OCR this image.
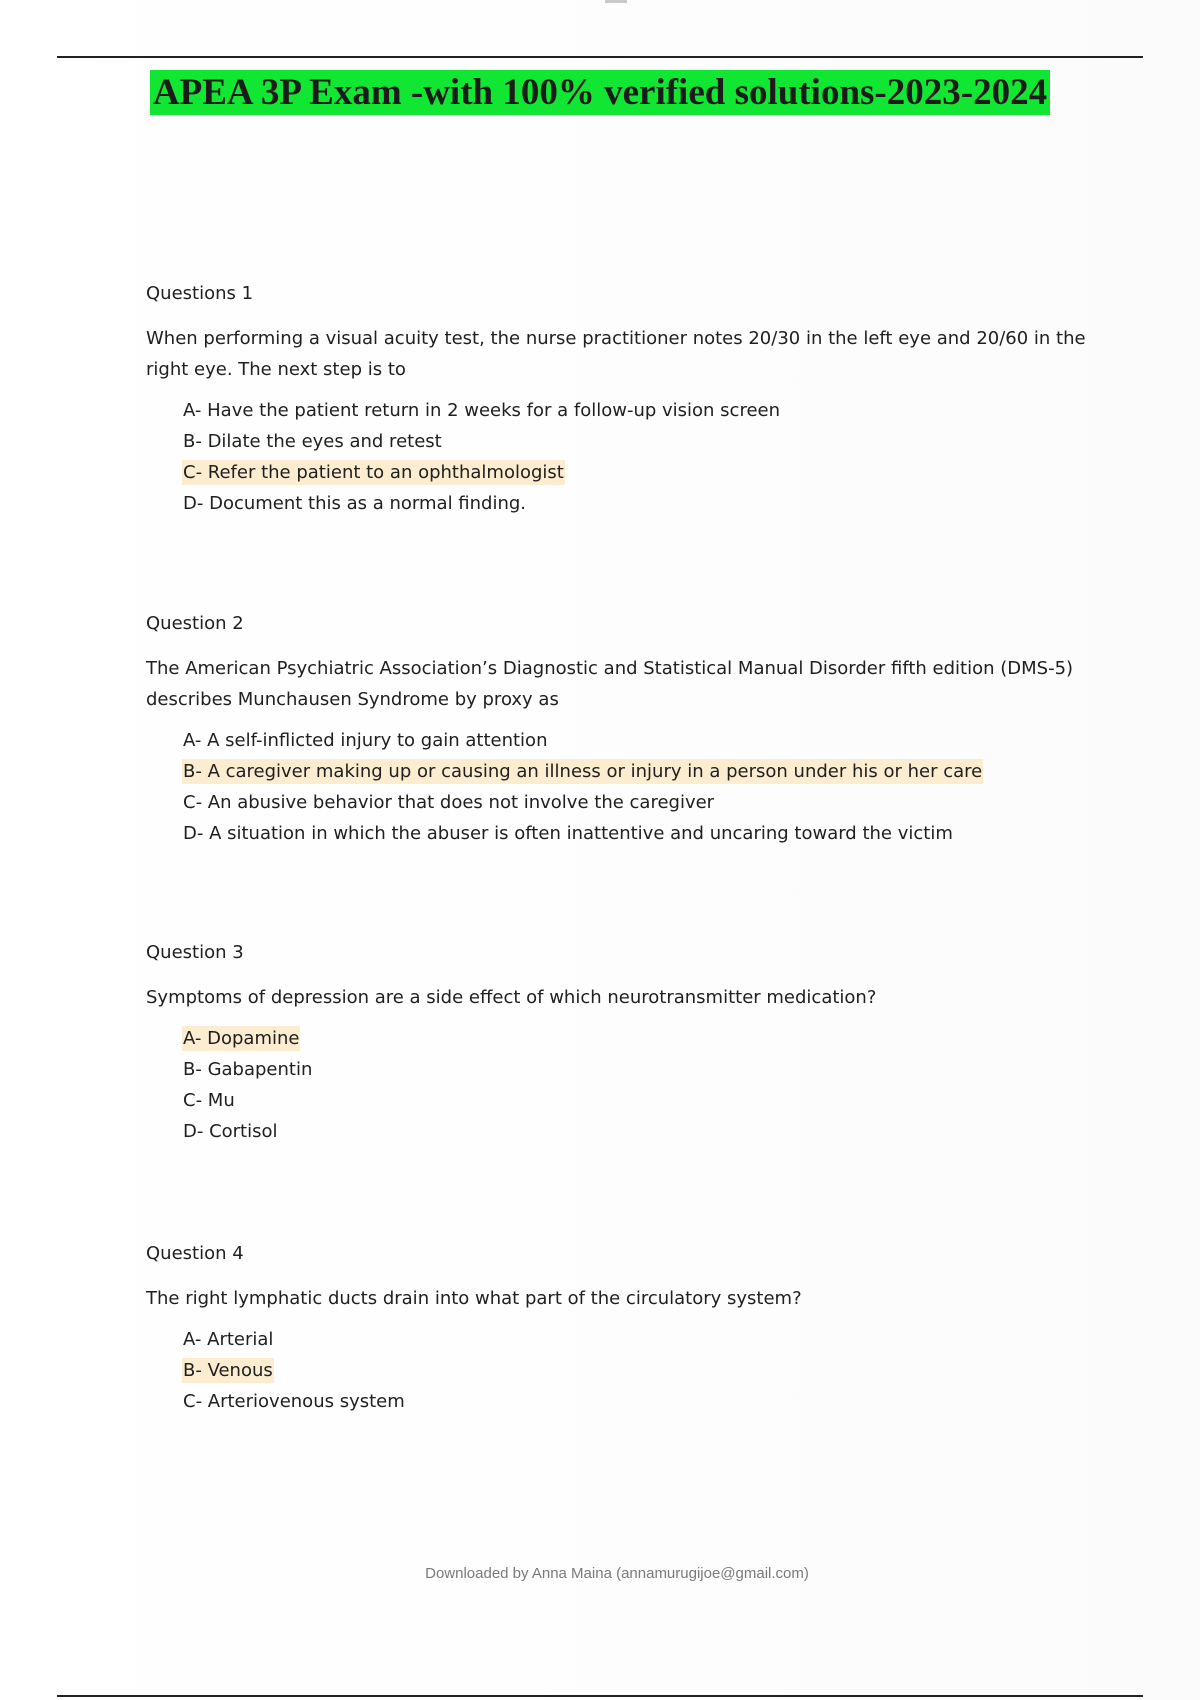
APEA 3P Exam -with 100% verified solutions-2023-2024

Questions 1

When performing a visual acuity test, the nurse practitioner notes 20/30 in the left eye and 20/60 in the right eye. The next step is to

A- Have the patient return in 2 weeks for a follow-up vision screen
B- Dilate the eyes and retest
C- Refer the patient to an ophthalmologist
D- Document this as a normal finding.

Question 2

The American Psychiatric Association’s Diagnostic and Statistical Manual Disorder fifth edition (DMS-5) describes Munchausen Syndrome by proxy as

A- A self-inflicted injury to gain attention
B- A caregiver making up or causing an illness or injury in a person under his or her care
C- An abusive behavior that does not involve the caregiver
D- A situation in which the abuser is often inattentive and uncaring toward the victim

Question 3

Symptoms of depression are a side effect of which neurotransmitter medication?

A- Dopamine
B- Gabapentin
C- Mu
D- Cortisol

Question 4

The right lymphatic ducts drain into what part of the circulatory system?

A- Arterial
B- Venous
C- Arteriovenous system
Downloaded by Anna Maina (annamurugijoe@gmail.com)
